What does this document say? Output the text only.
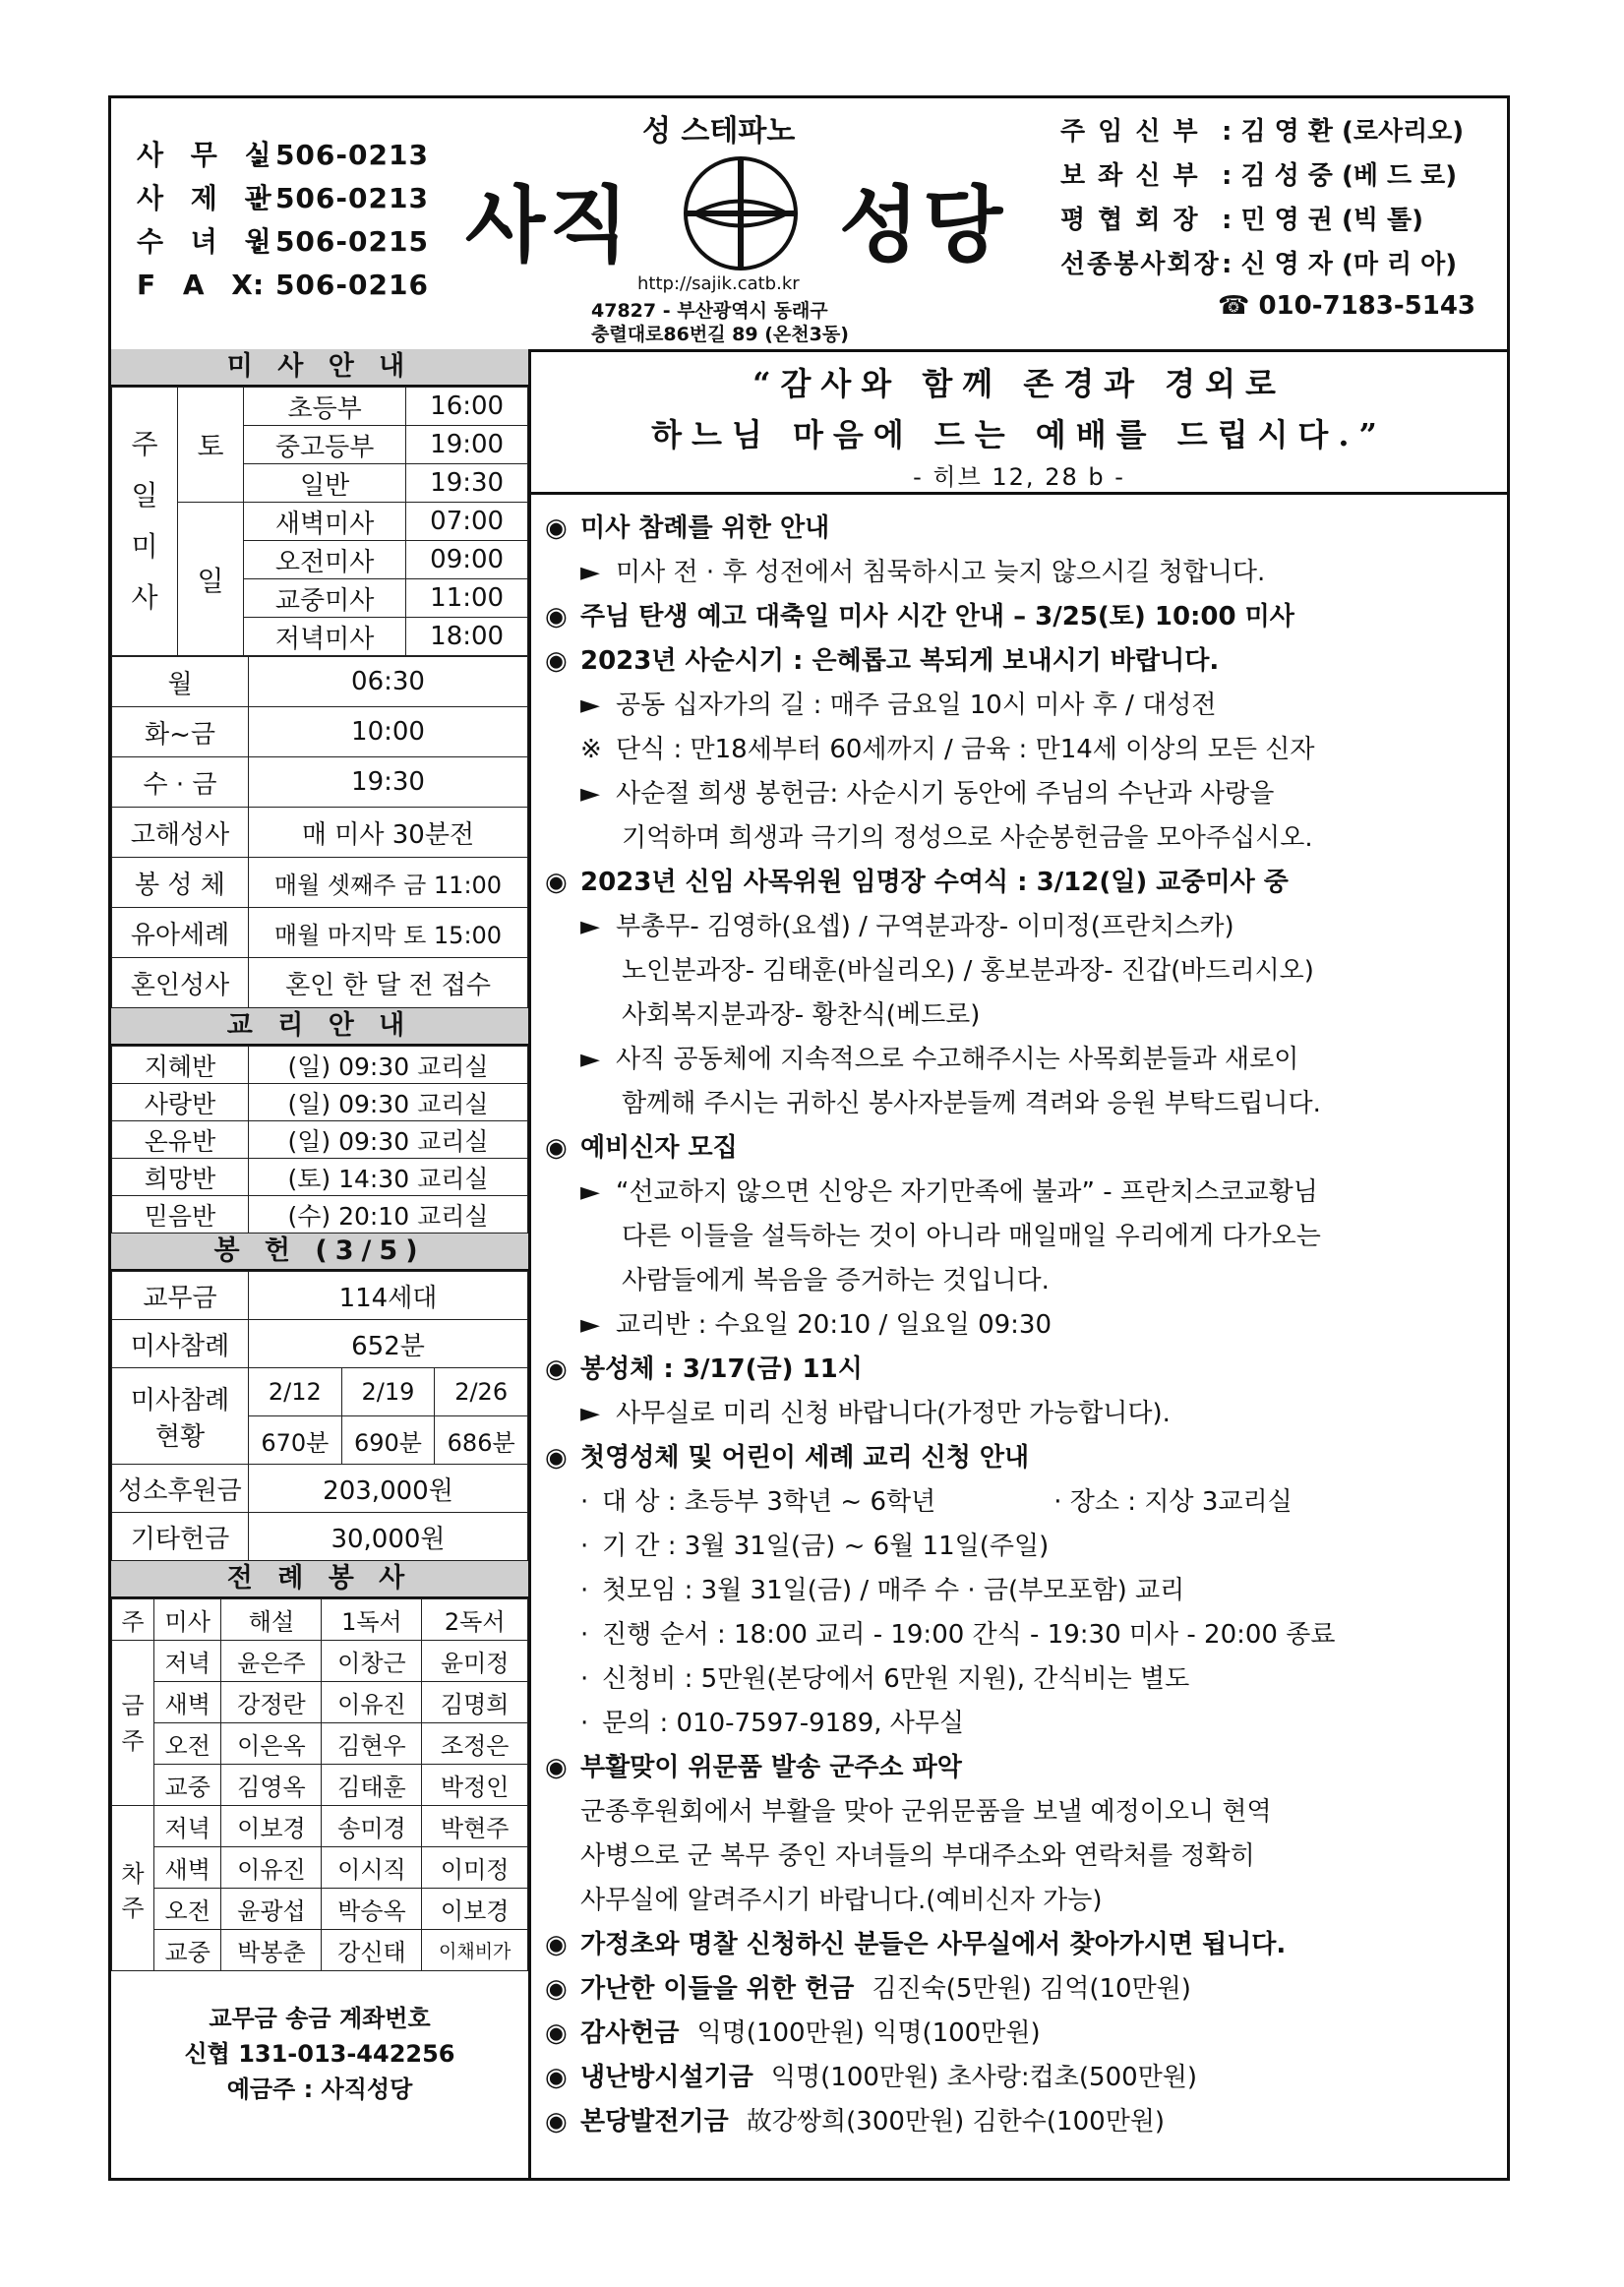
사 무 실: 506-0213
사 제 관: 506-0213
수 녀 원: 506-0215
F A X: 506-0216
성 스테파노
사직	성당
http://sajik.catb.kr
47827 - 부산광역시 동래구
충렬대로86번길 89 (온천3동)
주 임 신 부 : 김 영 환 (로사리오)
보 좌 신 부 : 김 성 중 (베 드 로)
평 협 회 장 : 민 영 권 (빅 톨)
선종봉사회장: 신 영 자 (마 리 아)
☎ 010-7183-5143
미 사 안 내
주
일
미
사	토	초등부	16:00
		중고등부	19:00
		일반	19:30
	일	새벽미사	07:00
		오전미사	09:00
		교중미사	11:00
		저녁미사	18:00
월	06:30
화~금	10:00
수 · 금	19:30
고해성사	매 미사 30분전
봉 성 체	매월 셋째주 금 11:00
유아세례	매월 마지막 토 15:00
혼인성사	혼인 한 달 전 접수
교 리 안 내
지혜반	(일) 09:30 교리실
사랑반	(일) 09:30 교리실
온유반	(일) 09:30 교리실
희망반	(토) 14:30 교리실
믿음반	(수) 20:10 교리실
봉 헌 (3/5)
교무금	114세대		
미사참례	652분		
미사참례
현황	2/12	2/19	2/26
	670분	690분	686분
성소후원금	203,000원		
기타헌금	30,000원		
전 례 봉 사
주	미사	해설	1독서	2독서
금
주	저녁	윤은주	이창근	윤미정
	새벽	강정란	이유진	김명희
	오전	이은옥	김현우	조정은
	교중	김영옥	김태훈	박정인
차
주	저녁	이보경	송미경	박현주
	새벽	이유진	이시직	이미정
	오전	윤광섭	박승옥	이보경
	교중	박봉춘	강신태	이채비가
교무금 송금 계좌번호
신협 131-013-442256
예금주 : 사직성당
“감사와 함께 존경과 경외로
하느님 마음에 드는 예배를 드립시다.”
- 히브 12, 28 b -
◉ 미사 참례를 위한 안내
► 미사 전 · 후 성전에서 침묵하시고 늦지 않으시길 청합니다.
◉ 주님 탄생 예고 대축일 미사 시간 안내 – 3/25(토) 10:00 미사
◉ 2023년 사순시기 : 은혜롭고 복되게 보내시기 바랍니다.
► 공동 십자가의 길 : 매주 금요일 10시 미사 후 / 대성전
※ 단식 : 만18세부터 60세까지 / 금육 : 만14세 이상의 모든 신자
► 사순절 희생 봉헌금: 사순시기 동안에 주님의 수난과 사랑을
기억하며 희생과 극기의 정성으로 사순봉헌금을 모아주십시오.
◉ 2023년 신임 사목위원 임명장 수여식 : 3/12(일) 교중미사 중
► 부총무- 김영하(요셉) / 구역분과장- 이미정(프란치스카)
노인분과장- 김태훈(바실리오) / 홍보분과장- 진갑(바드리시오)
사회복지분과장- 황찬식(베드로)
► 사직 공동체에 지속적으로 수고해주시는 사목회분들과 새로이
함께해 주시는 귀하신 봉사자분들께 격려와 응원 부탁드립니다.
◉ 예비신자 모집
► “선교하지 않으면 신앙은 자기만족에 불과” - 프란치스코교황님
다른 이들을 설득하는 것이 아니라 매일매일 우리에게 다가오는
사람들에게 복음을 증거하는 것입니다.
► 교리반 : 수요일 20:10 / 일요일 09:30
◉ 봉성체 : 3/17(금) 11시
► 사무실로 미리 신청 바랍니다(가정만 가능합니다).
◉ 첫영성체 및 어린이 세례 교리 신청 안내
· 대 상 : 초등부 3학년 ~ 6학년	· 장소 : 지상 3교리실
· 기 간 : 3월 31일(금) ~ 6월 11일(주일)
· 첫모임 : 3월 31일(금) / 매주 수 · 금(부모포함) 교리
· 진행 순서 : 18:00 교리 - 19:00 간식 - 19:30 미사 - 20:00 종료
· 신청비 : 5만원(본당에서 6만원 지원), 간식비는 별도
· 문의 : 010-7597-9189, 사무실
◉ 부활맞이 위문품 발송 군주소 파악
군종후원회에서 부활을 맞아 군위문품을 보낼 예정이오니 현역
사병으로 군 복무 중인 자녀들의 부대주소와 연락처를 정확히
사무실에 알려주시기 바랍니다.(예비신자 가능)
◉ 가정초와 명찰 신청하신 분들은 사무실에서 찾아가시면 됩니다.
◉ 가난한 이들을 위한 헌금 김진숙(5만원) 김억(10만원)
◉ 감사헌금 익명(100만원) 익명(100만원)
◉ 냉난방시설기금 익명(100만원) 초사랑:컵초(500만원)
◉ 본당발전기금 故강쌍희(300만원) 김한수(100만원)
